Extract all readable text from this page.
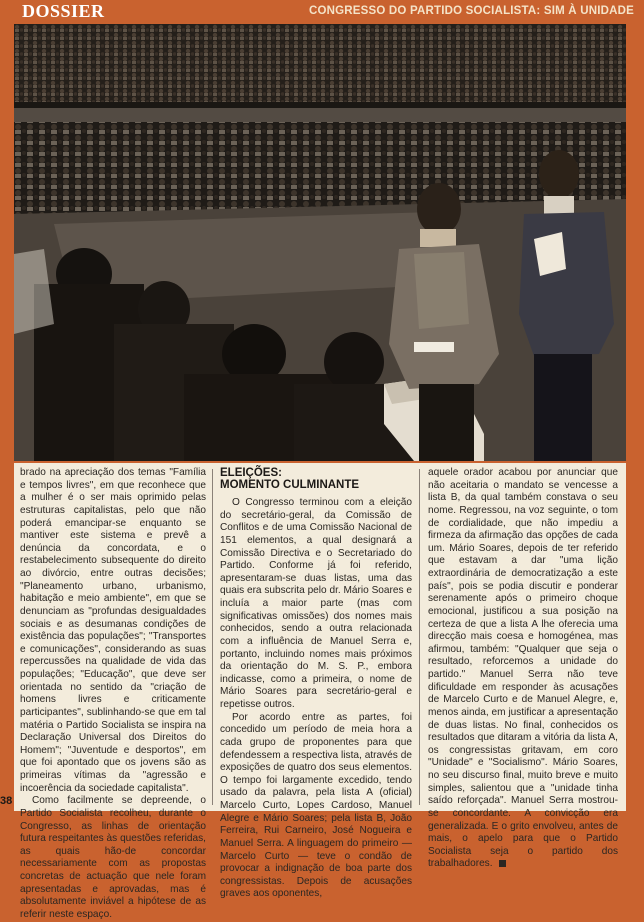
DOSSIER	CONGRESSO DO PARTIDO SOCIALISTA: SIM À UNIDADE

brado na apreciação dos temas "Família e tempos livres", em que reconhece que a mulher é o ser mais oprimido pelas estruturas capitalistas, pelo que não poderá emancipar-se enquanto se mantiver este sistema e prevê a denúncia da concordata, e o restabelecimento subsequente do direito ao divórcio, entre outras decisões; "Planeamento urbano, urbanismo, habitação e meio ambiente", em que se denunciam as "profundas desigualdades sociais e as desumanas condições de existência das populações"; "Transportes e comunicações", considerando as suas repercussões na qualidade de vida das populações; "Educação", que deve ser orientada no sentido da "criação de homens livres e criticamente participantes", sublinhando-se que em tal matéria o Partido Socialista se inspira na Declaração Universal dos Direitos do Homem"; "Juventude e desportos", em que foi apontado que os jovens são as primeiras vítimas da "agressão e incoerência da sociedade capitalista".

Como facilmente se depreende, o Partido Socialista recolheu, durante o Congresso, as linhas de orientação futura respeitantes às questões referidas, as quais hão-de concordar necessariamente com as propostas concretas de actuação que nele foram apresentadas e aprovadas, mas é absolutamente inviável a hipótese de as referir neste espaço.

ELEIÇÕES:
MOMENTO CULMINANTE

O Congresso terminou com a eleição do secretário-geral, da Comissão de Conflitos e de uma Comissão Nacional de 151 elementos, a qual designará a Comissão Directiva e o Secretariado do Partido. Conforme já foi referido, apresentaram-se duas listas, uma das quais era subscrita pelo dr. Mário Soares e incluía a maior parte (mas com significativas omissões) dos nomes mais conhecidos, sendo a outra relacionada com a influência de Manuel Serra e, portanto, incluindo nomes mais próximos da orientação do M. S. P., embora indicasse, como a primeira, o nome de Mário Soares para secretário-geral e repetisse outros.

Por acordo entre as partes, foi concedido um período de meia hora a cada grupo de proponentes para que defendessem a respectiva lista, através de exposições de quatro dos seus elementos. O tempo foi largamente excedido, tendo usado da palavra, pela lista A (oficial) Marcelo Curto, Lopes Cardoso, Manuel Alegre e Mário Soares; pela lista B, João Ferreira, Rui Carneiro, José Nogueira e Manuel Serra. A linguagem do primeiro — Marcelo Curto — teve o condão de provocar a indignação de boa parte dos congressistas. Depois de acusações graves aos oponentes,

aquele orador acabou por anunciar que não aceitaria o mandato se vencesse a lista B, da qual também constava o seu nome. Regressou, na voz seguinte, o tom de cordialidade, que não impediu a firmeza da afirmação das opções de cada um. Mário Soares, depois de ter referido que estavam a dar "uma lição extraordinária de democratização a este país", pois se podia discutir e ponderar serenamente após o primeiro choque emocional, justificou a sua posição na certeza de que a lista A lhe oferecia uma direcção mais coesa e homogénea, mas afirmou, também: "Qualquer que seja o resultado, reforcemos a unidade do partido." Manuel Serra não teve dificuldade em responder às acusações de Marcelo Curto e de Manuel Alegre, e, menos ainda, em justificar a apresentação de duas listas. No final, conhecidos os resultados que ditaram a vitória da lista A, os congressistas gritavam, em coro "Unidade" e "Socialismo". Mário Soares, no seu discurso final, muito breve e muito simples, salientou que a "unidade tinha saído reforçada". Manuel Serra mostrou-se concordante. A convicção era generalizada. E o grito envolveu, antes de mais, o apelo para que o Partido Socialista seja o partido dos trabalhadores.

38
